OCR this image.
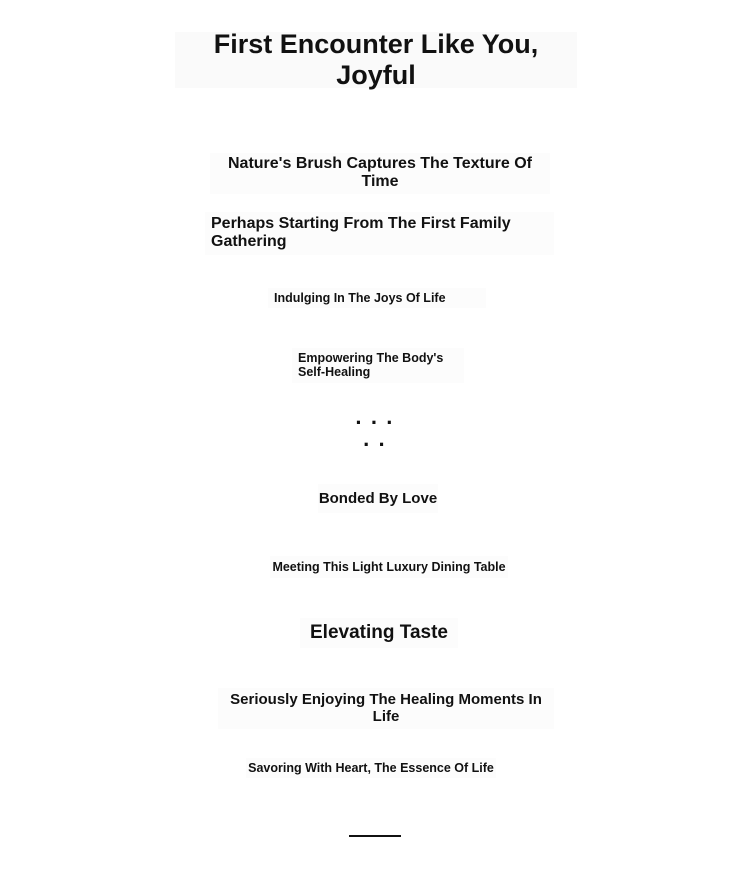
First Encounter Like You, Joyful

Nature's Brush Captures The Texture Of Time

Perhaps Starting From The First Family Gathering

Indulging In The Joys Of Life

Empowering The Body's Self-Healing

· · · · ·

Bonded By Love

Meeting This Light Luxury Dining Table

Elevating Taste

Seriously Enjoying The Healing Moments In Life

Savoring With Heart, The Essence Of Life
